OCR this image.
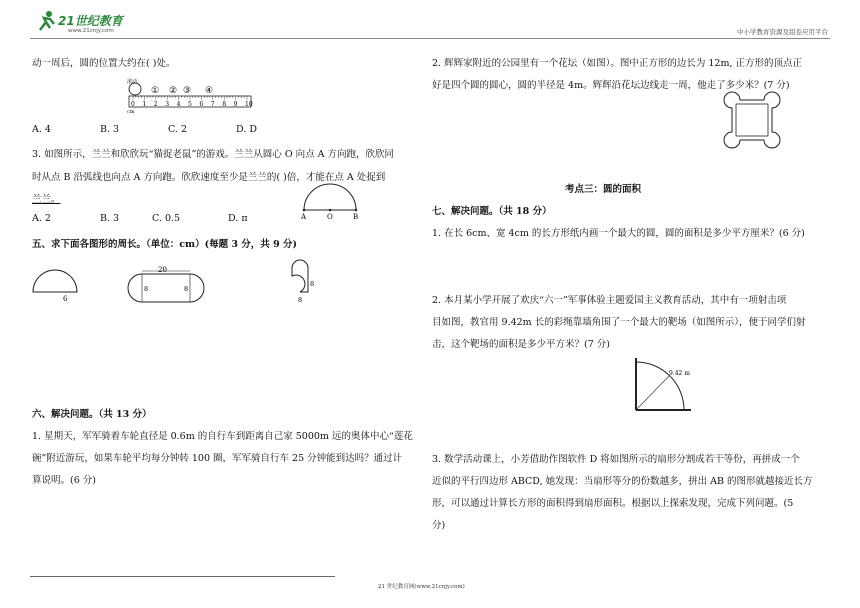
21世纪教育
www.21cnjy.com	中小学教育资源及组卷应用平台
动一周后，圆的位置大约在( )处。
滚动
① ② ③ ④
0 1 2 3 4 5 6 7 8 9 10
cm
A. 4	B. 3	C. 2	D. D
3. 如图所示，兰兰和欣欣玩“猫捉老鼠”的游戏。兰兰从圆心 O 向点 A 方向跑，欣欣同
时从点 B 沿弧线也向点 A 方向跑。欣欣速度至少是兰兰的( )倍，才能在点 A 处捉到
兰兰。
A	O	B
A. 2	B. 3	C. 0.5	D. π
五、求下面各图形的周长。（单位：cm）(每题 3 分，共 9 分)
6
20
8	8
8
8
六、解决问题。（共 13 分）
1. 星期天，军军骑着车轮直径是 0.6m 的自行车到距离自己家 5000m 远的奥体中心“莲花
碗”附近游玩，如果车轮平均每分钟转 100 圈，军军骑自行车 25 分钟能到达吗？通过计
算说明。(6 分)
2. 辉辉家附近的公园里有一个花坛（如图）。图中正方形的边长为 12m, 正方形的顶点正
好是四个圆的圆心，圆的半径是 4m。辉辉沿花坛边线走一周，他走了多少米？(7 分)
考点三：圆的面积
七、解决问题。（共 18 分）
1. 在长 6cm、宽 4cm 的长方形纸内画一个最大的圆，圆的面积是多少平方厘米？(6 分)
2. 本月某小学开展了欢庆“六一”军事体验主题爱国主义教育活动，其中有一项射击项
目如图，教官用 9.42m 长的彩绳靠墙角围了一个最大的靶场（如图所示），便于同学们射
击，这个靶场的面积是多少平方米？(7 分)
9.42 m
3. 数学活动课上，小芳借助作图软件 D 将如图所示的扇形分割成若干等份，再拼成一个
近似的平行四边形 ABCD, 她发现：当扇形等分的份数越多，拼出 AB 的图形就越接近长方
形，可以通过计算长方形的面积得到扇形面积。根据以上探索发现，完成下列问题。(5
分)
21 世纪教育网(www.21cnjy.com)
